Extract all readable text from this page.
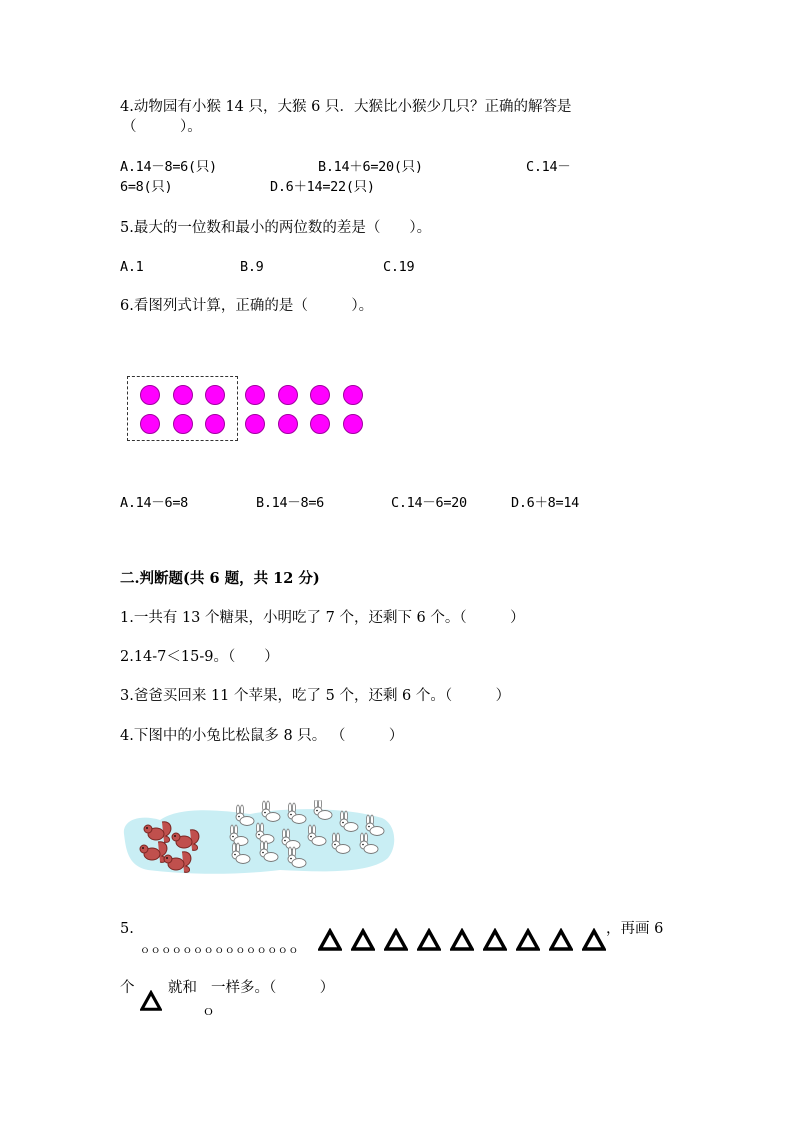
4.动物园有小猴 14 只，大猴 6 只．大猴比小猴少几只？正确的解答是
（　　　）。
A.14－8=6(只)	B.14＋6=20(只)	C.14－
6=8(只)	D.6＋14=22(只)
5.最大的一位数和最小的两位数的差是（　　）。
A.1	B.9	C.19
6.看图列式计算，正确的是（　　　）。
A.14－6=8	B.14－8=6	C.14－6=20	D.6＋8=14
二.判断题(共 6 题，共 12 分)
1.一共有 13 个糖果，小明吃了 7 个，还剩下 6 个。（　　　）
2.14-7＜15-9。（　　）
3.爸爸买回来 11 个苹果，吃了 5 个，还剩 6 个。（　　　）
4.下图中的小兔比松鼠多 8 只。 （　　　）
5.
ｏｏｏｏｏｏｏｏｏｏｏｏｏｏｏ
，再画 6
个 就和 一样多。（　　　）
ｏ
